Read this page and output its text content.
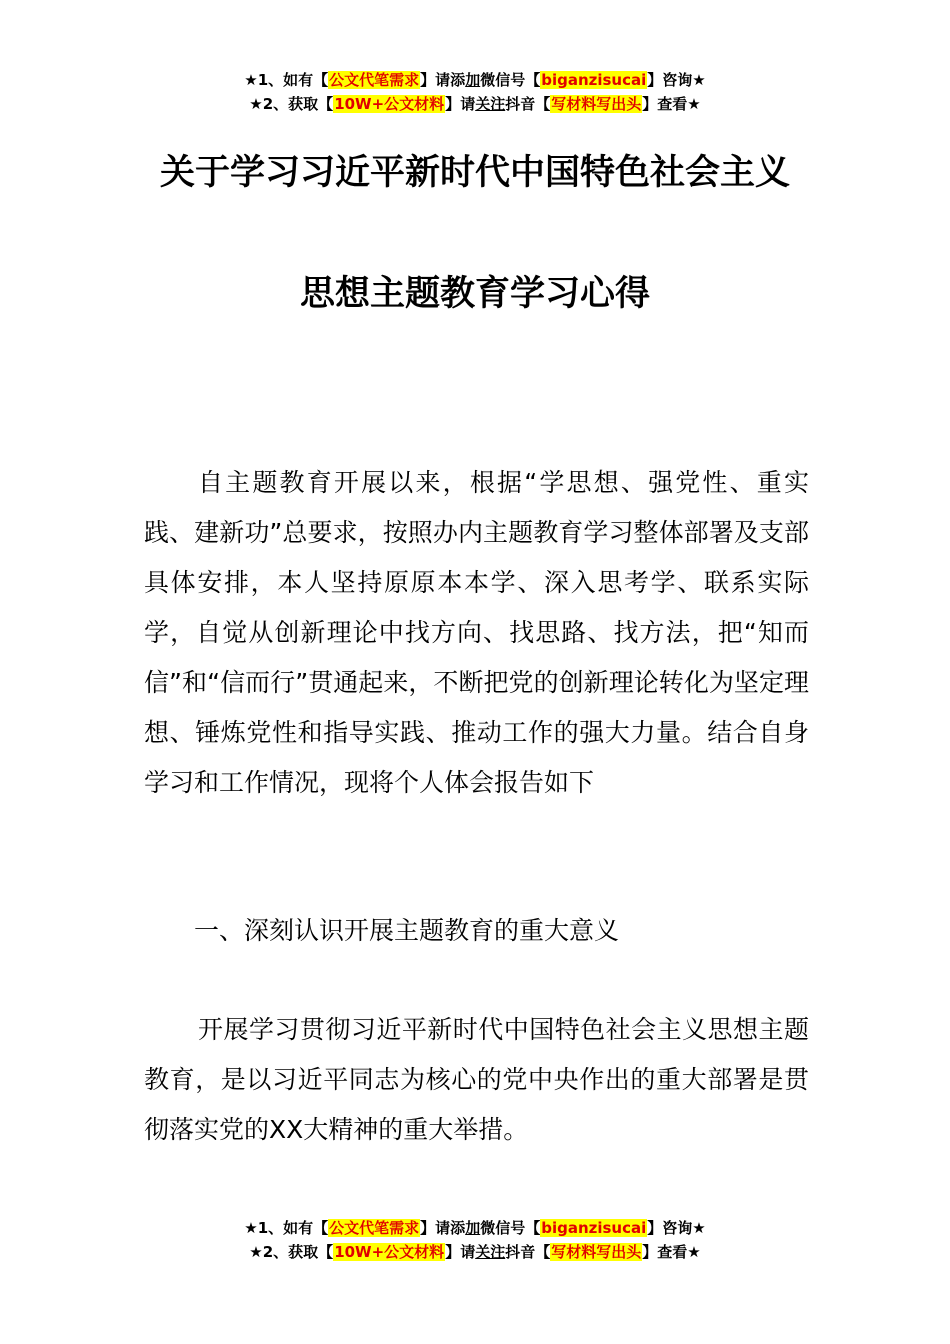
★1、如有【公文代笔需求】请添加微信号【biganzisucai】咨询★
★2、获取【10W+公文材料】请关注抖音【写材料写出头】查看★
关于学习习近平新时代中国特色社会主义
思想主题教育学习心得

自主题教育开展以来，根据“学思想、强党性、重实践、建新功”总要求，按照办内主题教育学习整体部署及支部具体安排，本人坚持原原本本学、深入思考学、联系实际学，自觉从创新理论中找方向、找思路、找方法，把“知而信”和“信而行”贯通起来，不断把党的创新理论转化为坚定理想、锤炼党性和指导实践、推动工作的强大力量。结合自身学习和工作情况，现将个人体会报告如下

一、深刻认识开展主题教育的重大意义

开展学习贯彻习近平新时代中国特色社会主义思想主题教育，是以习近平同志为核心的党中央作出的重大部署是贯彻落实党的XX大精神的重大举措。

★1、如有【公文代笔需求】请添加微信号【biganzisucai】咨询★
★2、获取【10W+公文材料】请关注抖音【写材料写出头】查看★
